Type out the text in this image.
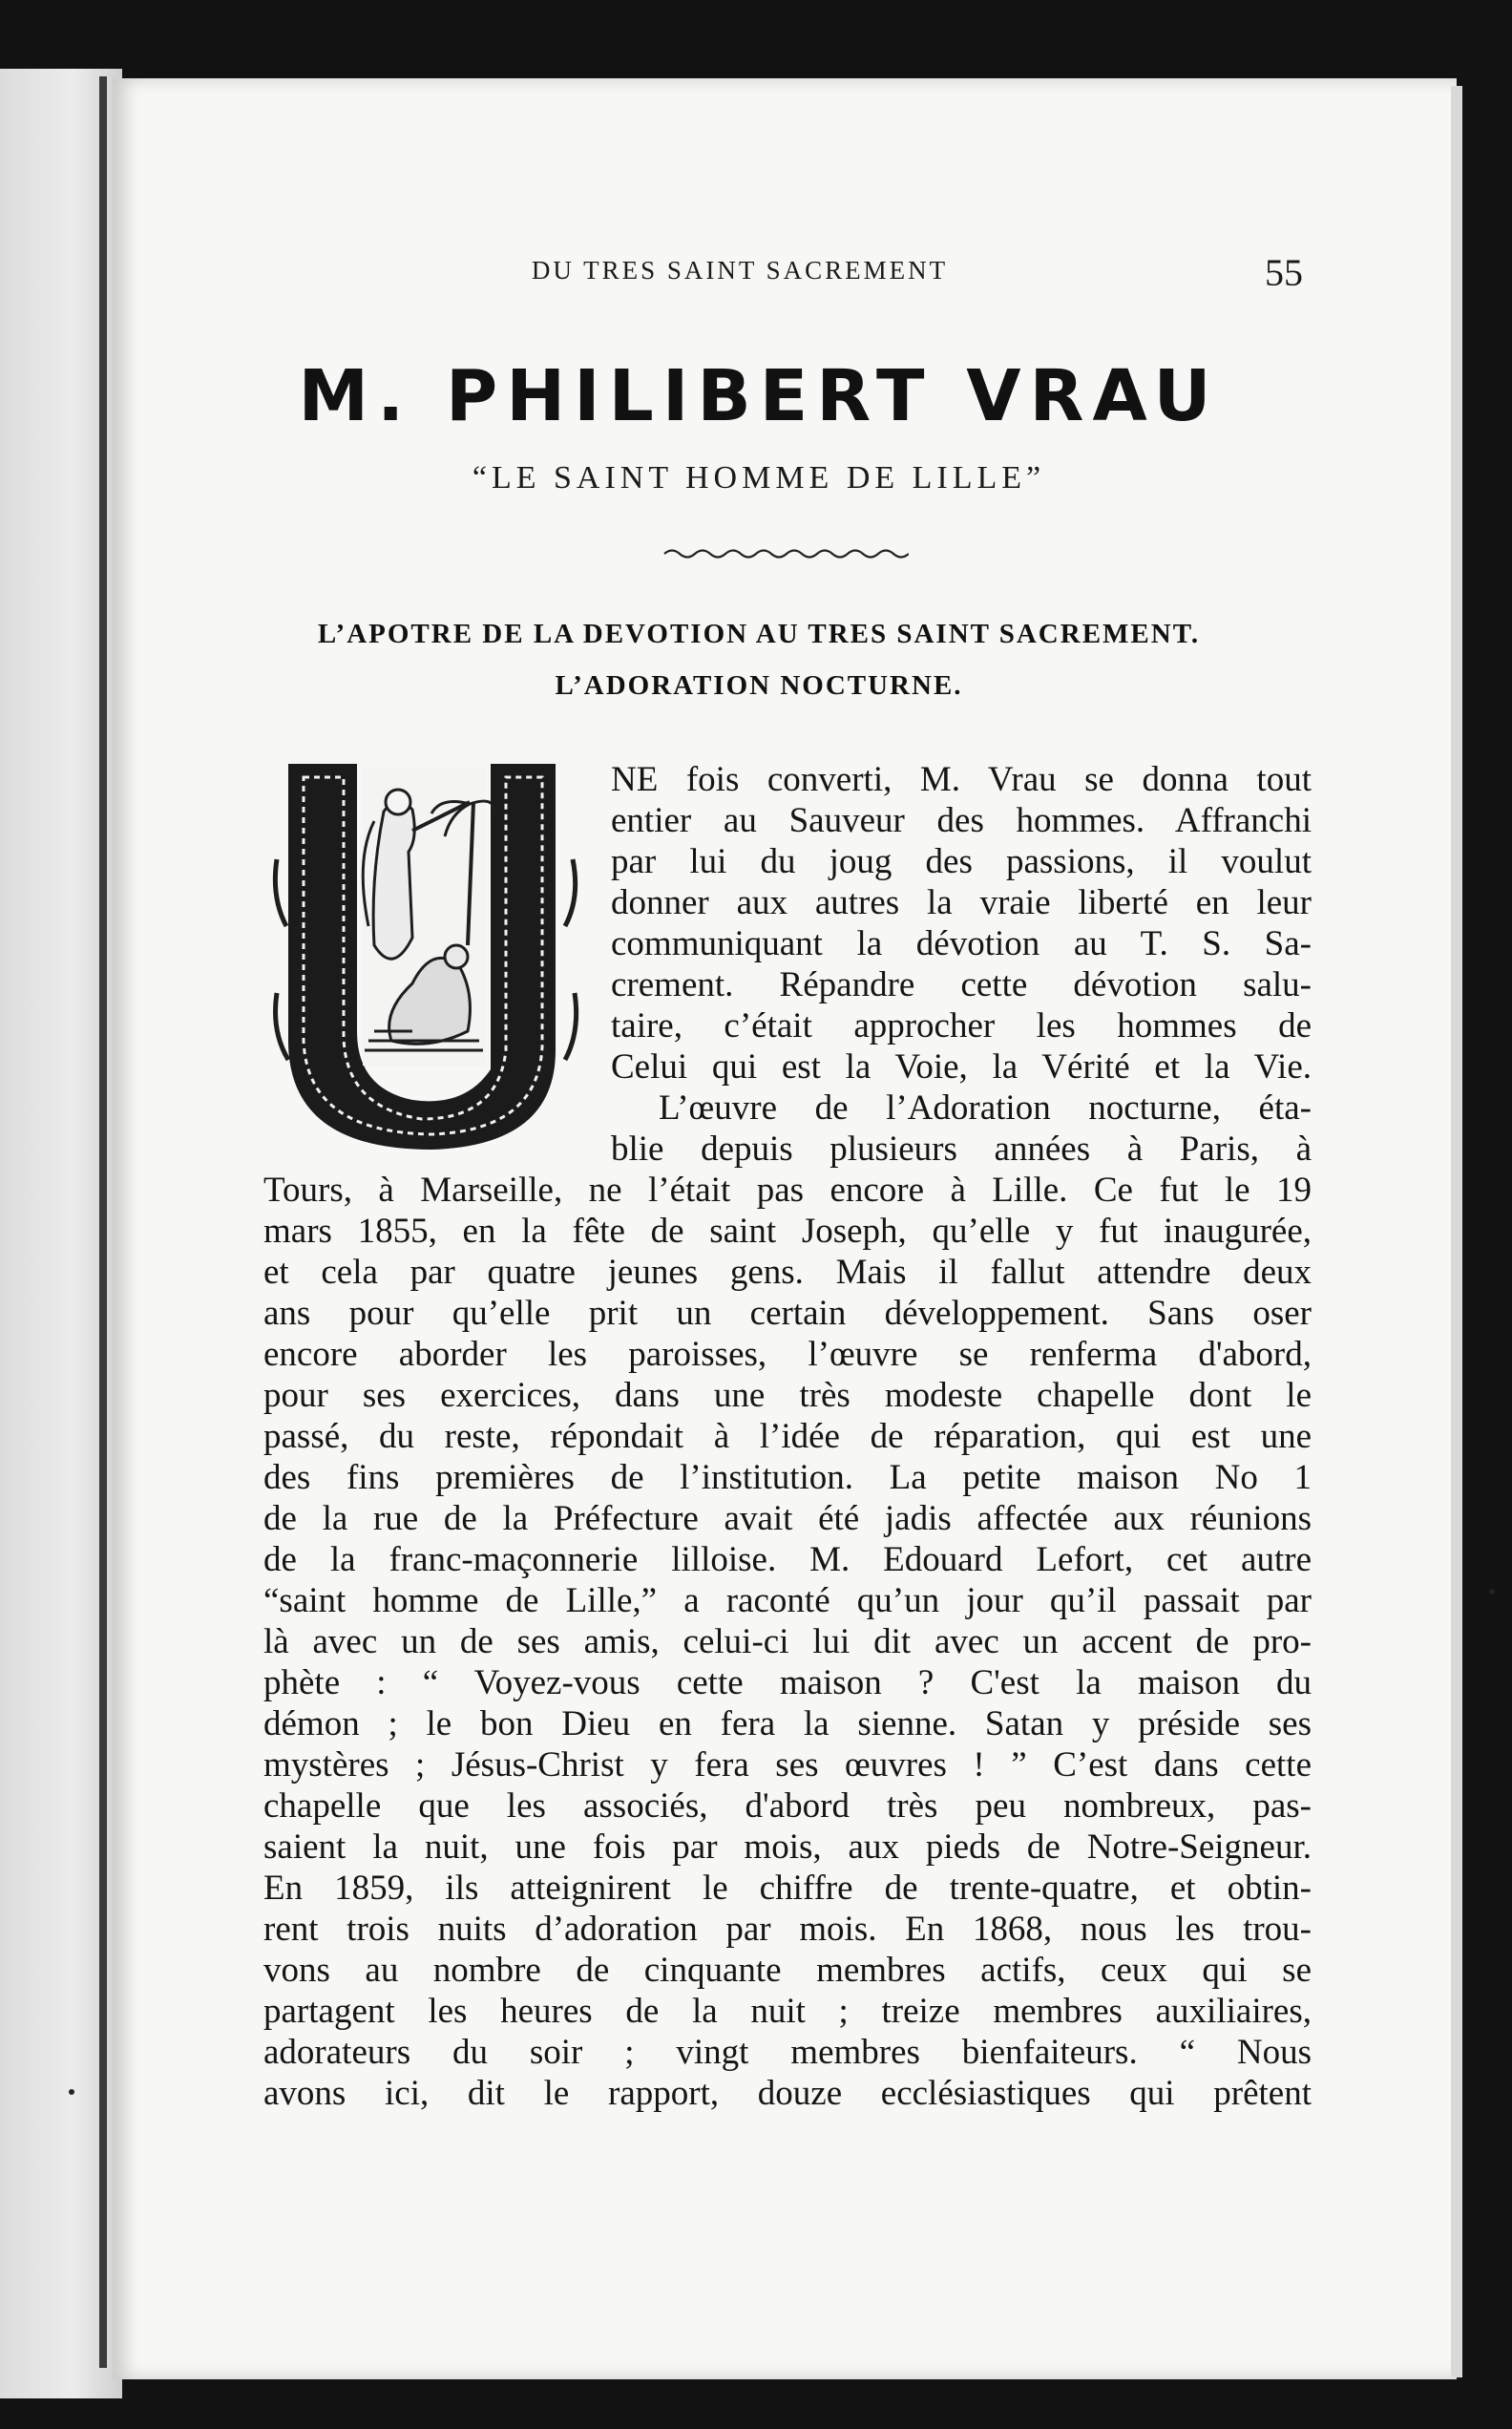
DU TRES SAINT SACREMENT	55
M. PHILIBERT VRAU
“LE SAINT HOMME DE LILLE”
L’APOTRE DE LA DEVOTION AU TRES SAINT SACREMENT.
L’ADORATION NOCTURNE.
NE fois converti, M. Vrau se donna tout
entier au Sauveur des hommes. Affranchi
par lui du joug des passions, il voulut
donner aux autres la vraie liberté en leur
communiquant la dévotion au T. S. Sa-
crement. Répandre cette dévotion salu-
taire, c’était approcher les hommes de
Celui qui est la Voie, la Vérité et la Vie.
L’œuvre de l’Adoration nocturne, éta-
blie depuis plusieurs années à Paris, à
Tours, à Marseille, ne l’était pas encore à Lille. Ce fut le 19
mars 1855, en la fête de saint Joseph, qu’elle y fut inaugurée,
et cela par quatre jeunes gens. Mais il fallut attendre deux
ans pour qu’elle prit un certain développement. Sans oser
encore aborder les paroisses, l’œuvre se renferma d'abord,
pour ses exercices, dans une très modeste chapelle dont le
passé, du reste, répondait à l’idée de réparation, qui est une
des fins premières de l’institution. La petite maison No 1
de la rue de la Préfecture avait été jadis affectée aux réunions
de la franc-maçonnerie lilloise. M. Edouard Lefort, cet autre
“saint homme de Lille,” a raconté qu’un jour qu’il passait par
là avec un de ses amis, celui-ci lui dit avec un accent de pro-
phète : “ Voyez-vous cette maison ? C'est la maison du
démon ; le bon Dieu en fera la sienne. Satan y préside ses
mystères ; Jésus-Christ y fera ses œuvres ! ” C’est dans cette
chapelle que les associés, d'abord très peu nombreux, pas-
saient la nuit, une fois par mois, aux pieds de Notre-Seigneur.
En 1859, ils atteignirent le chiffre de trente-quatre, et obtin-
rent trois nuits d’adoration par mois. En 1868, nous les trou-
vons au nombre de cinquante membres actifs, ceux qui se
partagent les heures de la nuit ; treize membres auxiliaires,
adorateurs du soir ; vingt membres bienfaiteurs. “ Nous
avons ici, dit le rapport, douze ecclésiastiques qui prêtent
